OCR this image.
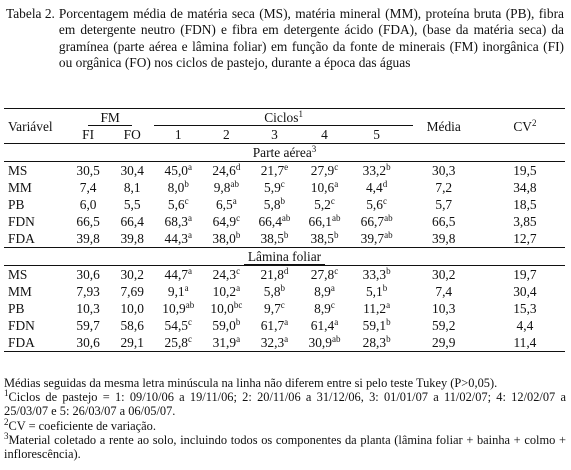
Tabela 2. Porcentagem média de matéria seca (MS), matéria mineral (MM), proteína bruta (PB), fibra em detergente neutro (FDN) e fibra em detergente ácido (FDA), (base da matéria seca) da gramínea (parte aérea e lâmina foliar) em função da fonte de minerais (FM) inorgânica (FI) ou orgânica (FO) nos ciclos de pastejo, durante a época das águas
Variável	FM		Ciclos$^1$					Média	$CV^2$
	FI	FO	1	2	3	4	5		
Parte aérea$^3$
MS	30,5	30,4	45,0$^a$	24,6$^d$	21,7e	27,9$^c$	33,2$^b$	30,3	19,5
MM	7,4	8,1	8,0$^b$	9,8$^{ab}$	5,9$^c$	10,6$^a$	4,4$^d$	7,2	34,8
PB	6,0	5,5	5,6$^c$	6,5$^a$	5,8$^b$	5,2$^c$	5,6$^c$	5,7	18,5
FDN	66,5	66,4	68,3$^a$	64,9$^c$	66,4$^{ab}$	66,1$^{ab}$	66,7$^{ab}$	66,5	3,85
FDA	39,8	39,8	44,3$^a$	38,0$^b$	38,5$^b$	38,5$^b$	39,7$^{ab}$	39,8	12,7
Lâmina foliar									
MS	30,6	30,2	44,7$^a$	24,3$^c$	21,8$^d$	27,8$^c$	33,3$^b$	30,2	19,7
MM	7,93	7,69	9,1$^a$	10,2$^a$	5,8$^b$	8,9$^a$	5,1$^b$	7,4	30,4
PB	10,3	10,0	10,9$^{ab}$	10,0$^{bc}$	9,7$^c$	8,9$^c$	11,2$^a$	10,3	15,3
FDN	59,7	58,6	54,5$^c$	59,0$^b$	61,7$^a$	61,4$^a$	59,1$^b$	59,2	4,4
FDA	30,6	29,1	25,8$^c$	31,9$^a$	32,3$^a$	30,9$^{ab}$	28,3$^b$	29,9	11,4

Médias seguidas da mesma letra minúscula na linha não diferem entre si pelo teste Tukey (P>0,05).

$^1$Ciclos de pastejo = 1: 09/10/06 a 19/11/06; 2: 20/11/06 a 31/12/06, 3: 01/01/07 a 11/02/07; 4: 12/02/07 a 25/03/07 e 5: 26/03/07 a 06/05/07.

$^2$CV = coeficiente de variação.

$^3$Material coletado a rente ao solo, incluindo todos os componentes da planta (lâmina foliar + bainha + colmo + inflorescência).
